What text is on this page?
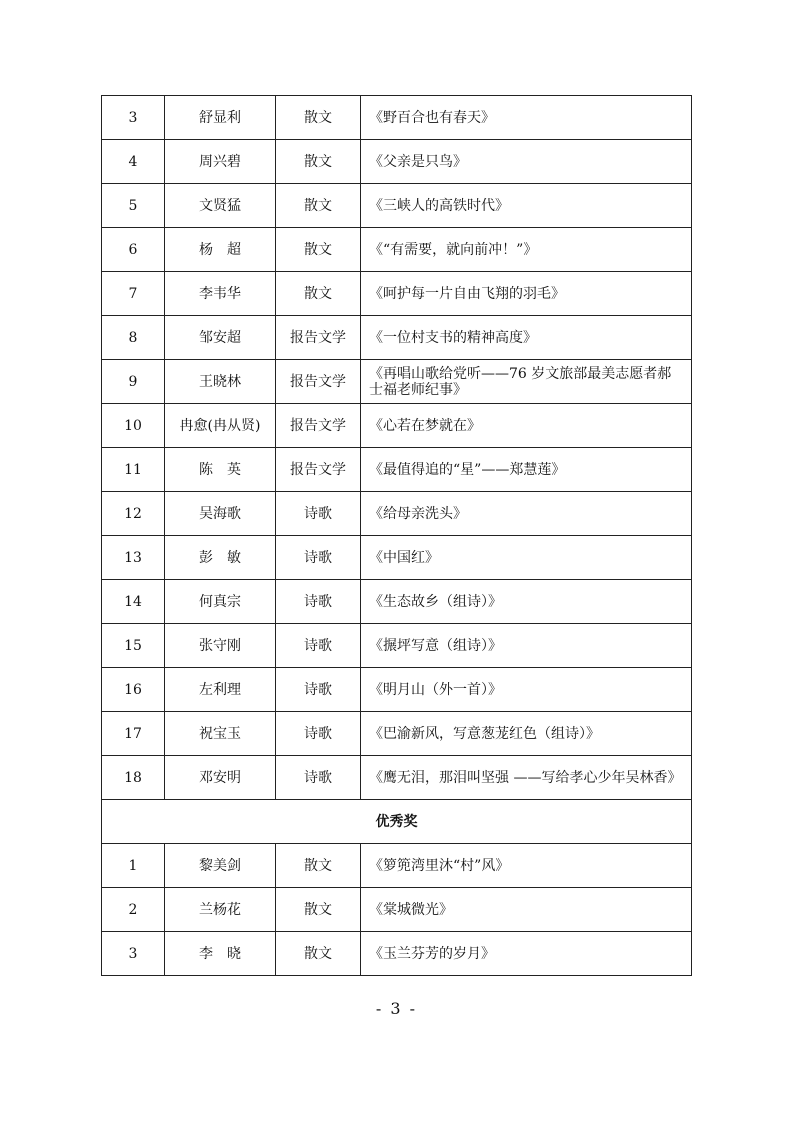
3	舒显利	散文	《野百合也有春天》
4	周兴碧	散文	《父亲是只鸟》
5	文贤猛	散文	《三峡人的高铁时代》
6	杨　超	散文	《“有需要，就向前冲！”》
7	李韦华	散文	《呵护每一片自由飞翔的羽毛》
8	邹安超	报告文学	《一位村支书的精神高度》
9	王晓林	报告文学	《再唱山歌给党听——76 岁文旅部最美志愿者郝士福老师纪事》
10	冉愈(冉从贤)	报告文学	《心若在梦就在》
11	陈　英	报告文学	《最值得追的“星”——郑慧莲》
12	吴海歌	诗歌	《给母亲洗头》
13	彭　敏	诗歌	《中国红》
14	何真宗	诗歌	《生态故乡（组诗）》
15	张守刚	诗歌	《搌坪写意（组诗）》
16	左利理	诗歌	《明月山（外一首）》
17	祝宝玉	诗歌	《巴渝新风，写意葱茏红色（组诗）》
18	邓安明	诗歌	《鹰无泪，那泪叫坚强 ——写给孝心少年吴林香》
优秀奖			
1	黎美剑	散文	《箩篼湾里沐“村”风》
2	兰杨花	散文	《棠城微光》
3	李　晓	散文	《玉兰芬芳的岁月》
- 3 -
